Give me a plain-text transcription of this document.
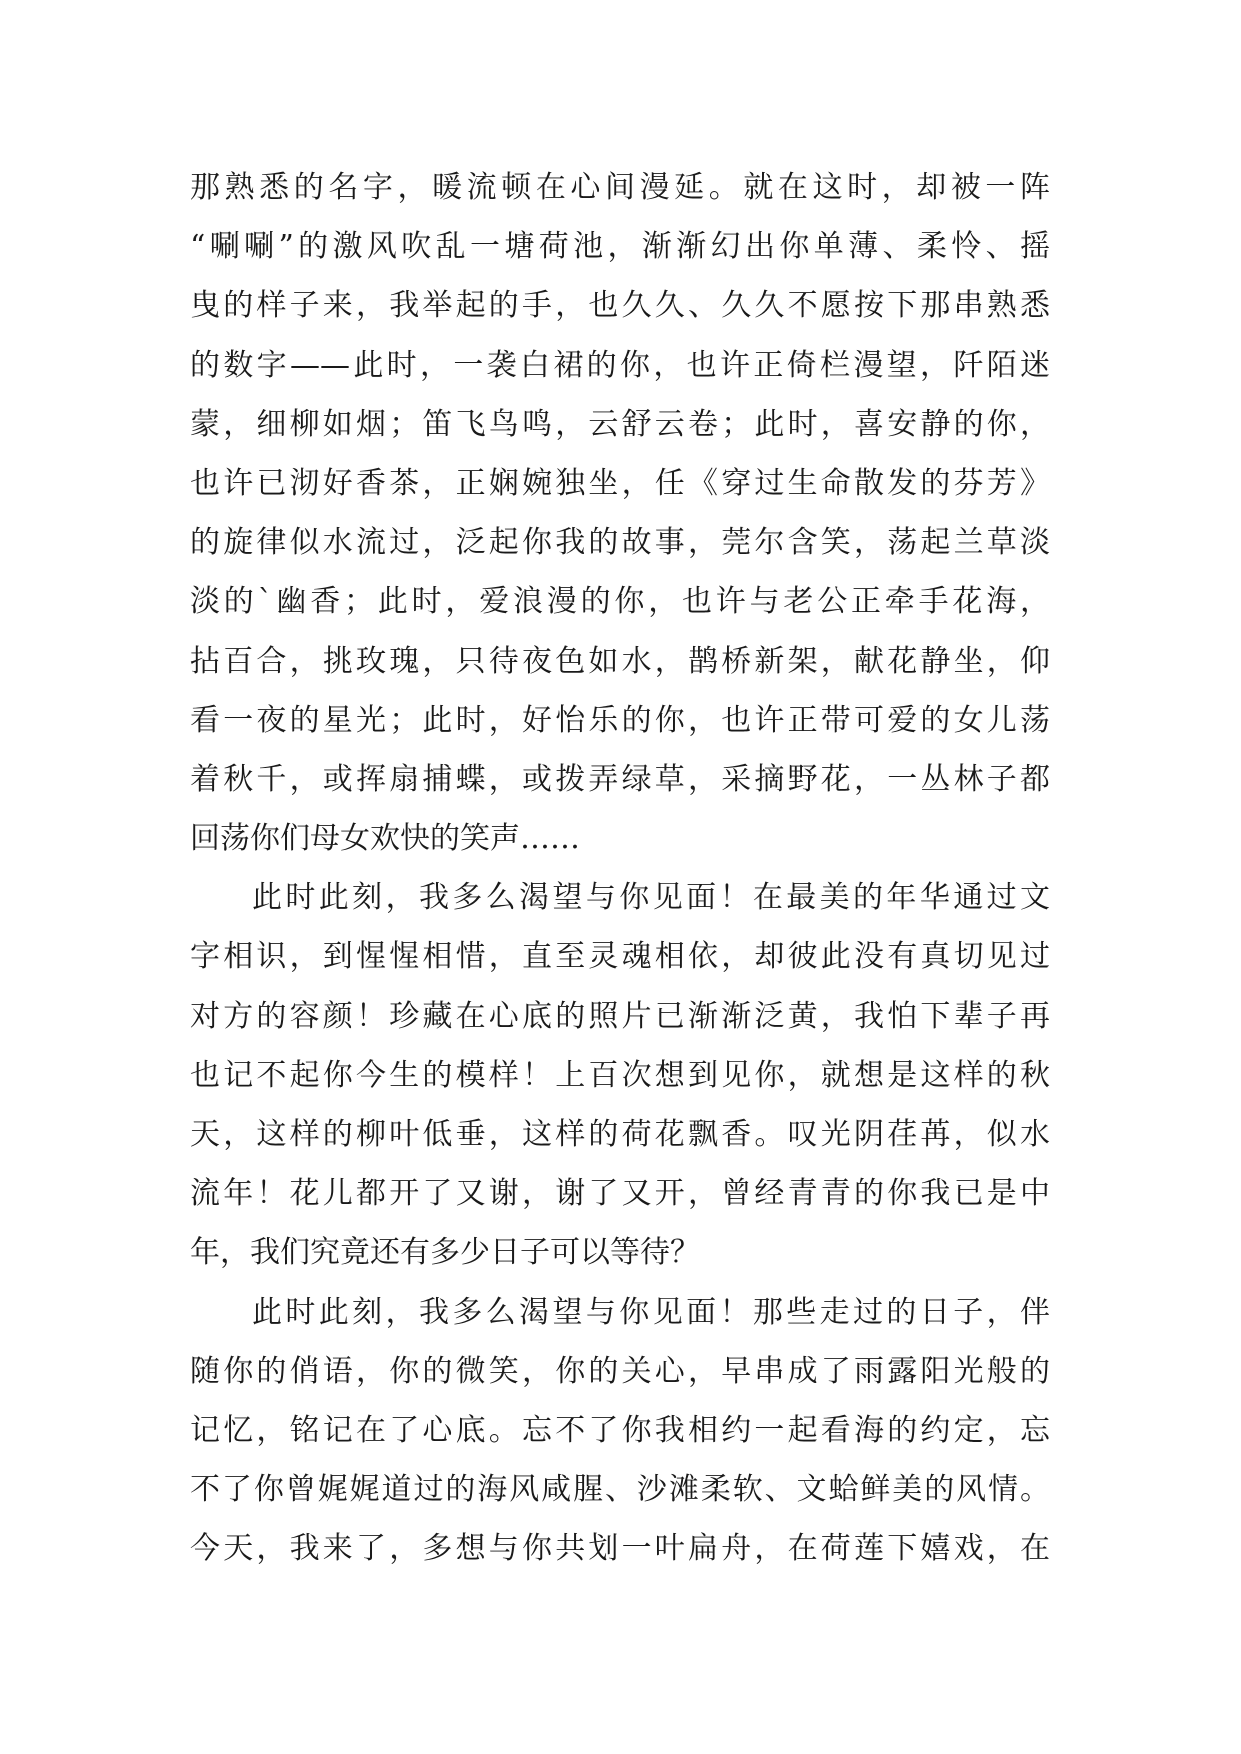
那熟悉的名字，暖流顿在心间漫延。就在这时，却被一阵
“唰唰”的激风吹乱一塘荷池，渐渐幻出你单薄、柔怜、摇
曳的样子来，我举起的手，也久久、久久不愿按下那串熟悉
的数字——此时，一袭白裙的你，也许正倚栏漫望，阡陌迷
蒙，细柳如烟；笛飞鸟鸣，云舒云卷；此时，喜安静的你，
也许已沏好香茶，正娴婉独坐，任《穿过生命散发的芬芳》
的旋律似水流过，泛起你我的故事，莞尔含笑，荡起兰草淡
淡的`幽香；此时，爱浪漫的你，也许与老公正牵手花海，
拈百合，挑玫瑰，只待夜色如水，鹊桥新架，献花静坐，仰
看一夜的星光；此时，好怡乐的你，也许正带可爱的女儿荡
着秋千，或挥扇捕蝶，或拨弄绿草，采摘野花，一丛林子都
回荡你们母女欢快的笑声……
此时此刻，我多么渴望与你见面！在最美的年华通过文
字相识，到惺惺相惜，直至灵魂相依，却彼此没有真切见过
对方的容颜！珍藏在心底的照片已渐渐泛黄，我怕下辈子再
也记不起你今生的模样！上百次想到见你，就想是这样的秋
天，这样的柳叶低垂，这样的荷花飘香。叹光阴荏苒，似水
流年！花儿都开了又谢，谢了又开，曾经青青的你我已是中
年，我们究竟还有多少日子可以等待？
此时此刻，我多么渴望与你见面！那些走过的日子，伴
随你的俏语，你的微笑，你的关心，早串成了雨露阳光般的
记忆，铭记在了心底。忘不了你我相约一起看海的约定，忘
不了你曾娓娓道过的海风咸腥、沙滩柔软、文蛤鲜美的风情。
今天，我来了，多想与你共划一叶扁舟，在荷莲下嬉戏，在
